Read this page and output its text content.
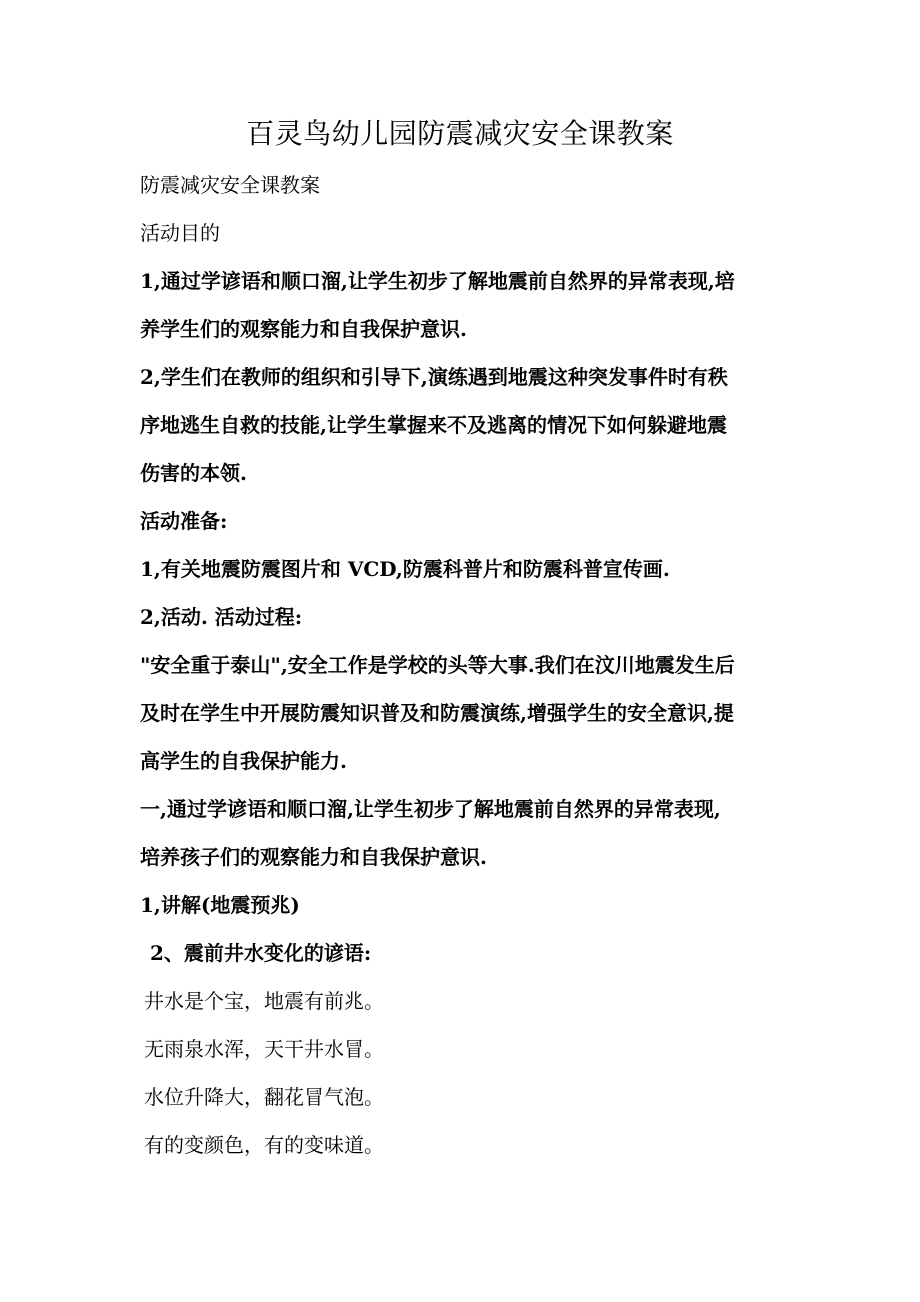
百灵鸟幼儿园防震减灾安全课教案
防震减灾安全课教案
活动目的
1,通过学谚语和顺口溜,让学生初步了解地震前自然界的异常表现,培
养学生们的观察能力和自我保护意识.
2,学生们在教师的组织和引导下,演练遇到地震这种突发事件时有秩
序地逃生自救的技能,让学生掌握来不及逃离的情况下如何躲避地震
伤害的本领.
活动准备:
1,有关地震防震图片和 VCD,防震科普片和防震科普宣传画.
2,活动. 活动过程:
"安全重于泰山",安全工作是学校的头等大事.我们在汶川地震发生后
及时在学生中开展防震知识普及和防震演练,增强学生的安全意识,提
高学生的自我保护能力.
一,通过学谚语和顺口溜,让学生初步了解地震前自然界的异常表现,
培养孩子们的观察能力和自我保护意识.
1,讲解(地震预兆)
2、震前井水变化的谚语:
井水是个宝，地震有前兆。
无雨泉水浑，天干井水冒。
水位升降大，翻花冒气泡。
有的变颜色，有的变味道。
